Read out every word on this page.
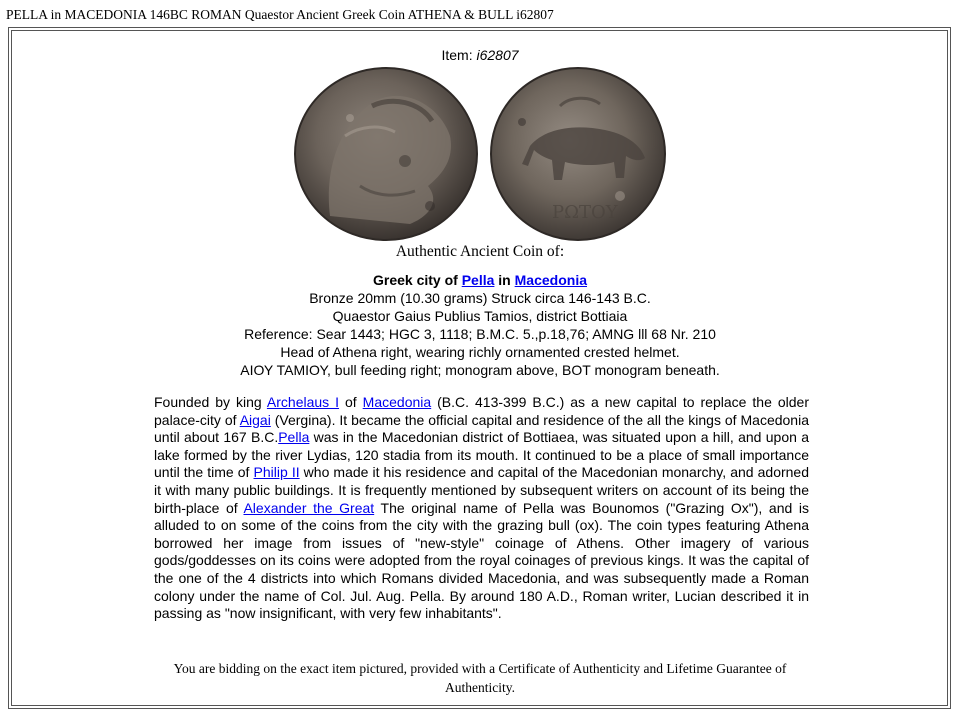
PELLA in MACEDONIA 146BC ROMAN Quaestor Ancient Greek Coin ATHENA & BULL i62807
Item: i62807
ΡΩΤΟΥ
Authentic Ancient Coin of:
Greek city of Pella in Macedonia
Bronze 20mm (10.30 grams) Struck circa 146-143 B.C.
Quaestor Gaius Publius Tamios, district Bottiaia
Reference: Sear 1443; HGC 3, 1118; B.M.C. 5.,p.18,76; AMNG lll 68 Nr. 210
Head of Athena right, wearing richly ornamented crested helmet.
ΑΙΟΥ ΤΑΜΙΟΥ, bull feeding right; monogram above, BOT monogram beneath.
Founded by king Archelaus I of Macedonia (B.C. 413-399 B.C.) as a new capital to replace the older palace-city of Aigai (Vergina). It became the official capital and residence of the all the kings of Macedonia until about 167 B.C.Pella was in the Macedonian district of Bottiaea, was situated upon a hill, and upon a lake formed by the river Lydias, 120 stadia from its mouth. It continued to be a place of small importance until the time of Philip II who made it his residence and capital of the Macedonian monarchy, and adorned it with many public buildings. It is frequently mentioned by subsequent writers on account of its being the birth-place of Alexander the Great The original name of Pella was Bounomos ("Grazing Ox"), and is alluded to on some of the coins from the city with the grazing bull (ox). The coin types featuring Athena borrowed her image from issues of "new-style" coinage of Athens. Other imagery of various gods/goddesses on its coins were adopted from the royal coinages of previous kings. It was the capital of the one of the 4 districts into which Romans divided Macedonia, and was subsequently made a Roman colony under the name of Col. Jul. Aug. Pella. By around 180 A.D., Roman writer, Lucian described it in passing as "now insignificant, with very few inhabitants".
You are bidding on the exact item pictured, provided with a Certificate of Authenticity and Lifetime Guarantee of Authenticity.
